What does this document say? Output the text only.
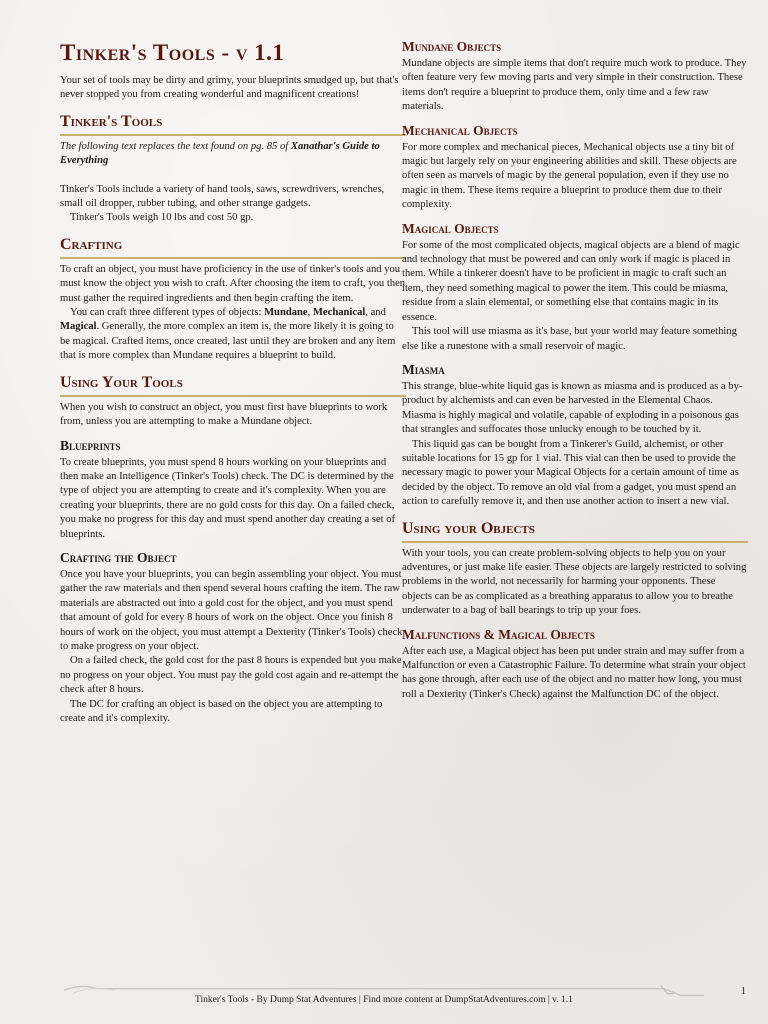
Tinker's Tools - v 1.1

Your set of tools may be dirty and grimy, your blueprints smudged up, but that's never stopped you from creating wonderful and magnificent creations!

Tinker's Tools

The following text replaces the text found on pg. 85 of Xanathar's Guide to Everything

Tinker's Tools include a variety of hand tools, saws, screwdrivers, wrenches, small oil dropper, rubber tubing, and other strange gadgets.

Tinker's Tools weigh 10 lbs and cost 50 gp.

Crafting

To craft an object, you must have proficiency in the use of tinker's tools and you must know the object you wish to craft. After choosing the item to craft, you then must gather the required ingredients and then begin crafting the item.

You can craft three different types of objects: Mundane, Mechanical, and Magical. Generally, the more complex an item is, the more likely it is going to be magical. Crafted items, once created, last until they are broken and any item that is more complex than Mundane requires a blueprint to build.

Using Your Tools

When you wish to construct an object, you must first have blueprints to work from, unless you are attempting to make a Mundane object.

Blueprints

To create blueprints, you must spend 8 hours working on your blueprints and then make an Intelligence (Tinker's Tools) check. The DC is determined by the type of object you are attempting to create and it's complexity. When you are creating your blueprints, there are no gold costs for this day. On a failed check, you make no progress for this day and must spend another day creating a set of blueprints.

Crafting the Object

Once you have your blueprints, you can begin assembling your object. You must gather the raw materials and then spend several hours crafting the item. The raw materials are abstracted out into a gold cost for the object, and you must spend that amount of gold for every 8 hours of work on the object. Once you finish 8 hours of work on the object, you must attempt a Dexterity (Tinker's Tools) check to make progress on your object.

On a failed check, the gold cost for the past 8 hours is expended but you make no progress on your object. You must pay the gold cost again and re-attempt the check after 8 hours.

The DC for crafting an object is based on the object you are attempting to create and it's complexity.

Mundane Objects

Mundane objects are simple items that don't require much work to produce. They often feature very few moving parts and very simple in their construction. These items don't require a blueprint to produce them, only time and a few raw materials.

Mechanical Objects

For more complex and mechanical pieces, Mechanical objects use a tiny bit of magic but largely rely on your engineering abilities and skill. These objects are often seen as marvels of magic by the general population, even if they use no magic in them. These items require a blueprint to produce them due to their complexity.

Magical Objects

For some of the most complicated objects, magical objects are a blend of magic and technology that must be powered and can only work if magic is placed in them. While a tinkerer doesn't have to be proficient in magic to craft such an item, they need something magical to power the item. This could be miasma, residue from a slain elemental, or something else that contains magic in its essence.

This tool will use miasma as it's base, but your world may feature something else like a runestone with a small reservoir of magic.

Miasma

This strange, blue-white liquid gas is known as miasma and is produced as a by-product by alchemists and can even be harvested in the Elemental Chaos. Miasma is highly magical and volatile, capable of exploding in a poisonous gas that strangles and suffocates those unlucky enough to be touched by it.

This liquid gas can be bought from a Tinkerer's Guild, alchemist, or other suitable locations for 15 gp for 1 vial. This vial can then be used to provide the necessary magic to power your Magical Objects for a certain amount of time as decided by the object. To remove an old vial from a gadget, you must spend an action to carefully remove it, and then use another action to insert a new vial.

Using your Objects

With your tools, you can create problem-solving objects to help you on your adventures, or just make life easier. These objects are largely restricted to solving problems in the world, not necessarily for harming your opponents. These objects can be as complicated as a breathing apparatus to allow you to breathe underwater to a bag of ball bearings to trip up your foes.

Malfunctions & Magical Objects

After each use, a Magical object has been put under strain and may suffer from a Malfunction or even a Catastrophic Failure. To determine what strain your object has gone through, after each use of the object and no matter how long, you must roll a Dexterity (Tinker's Check) against the Malfunction DC of the object.

Tinker's Tools - By Dump Stat Adventures | Find more content at DumpStatAdventures.com | v. 1.1
1
